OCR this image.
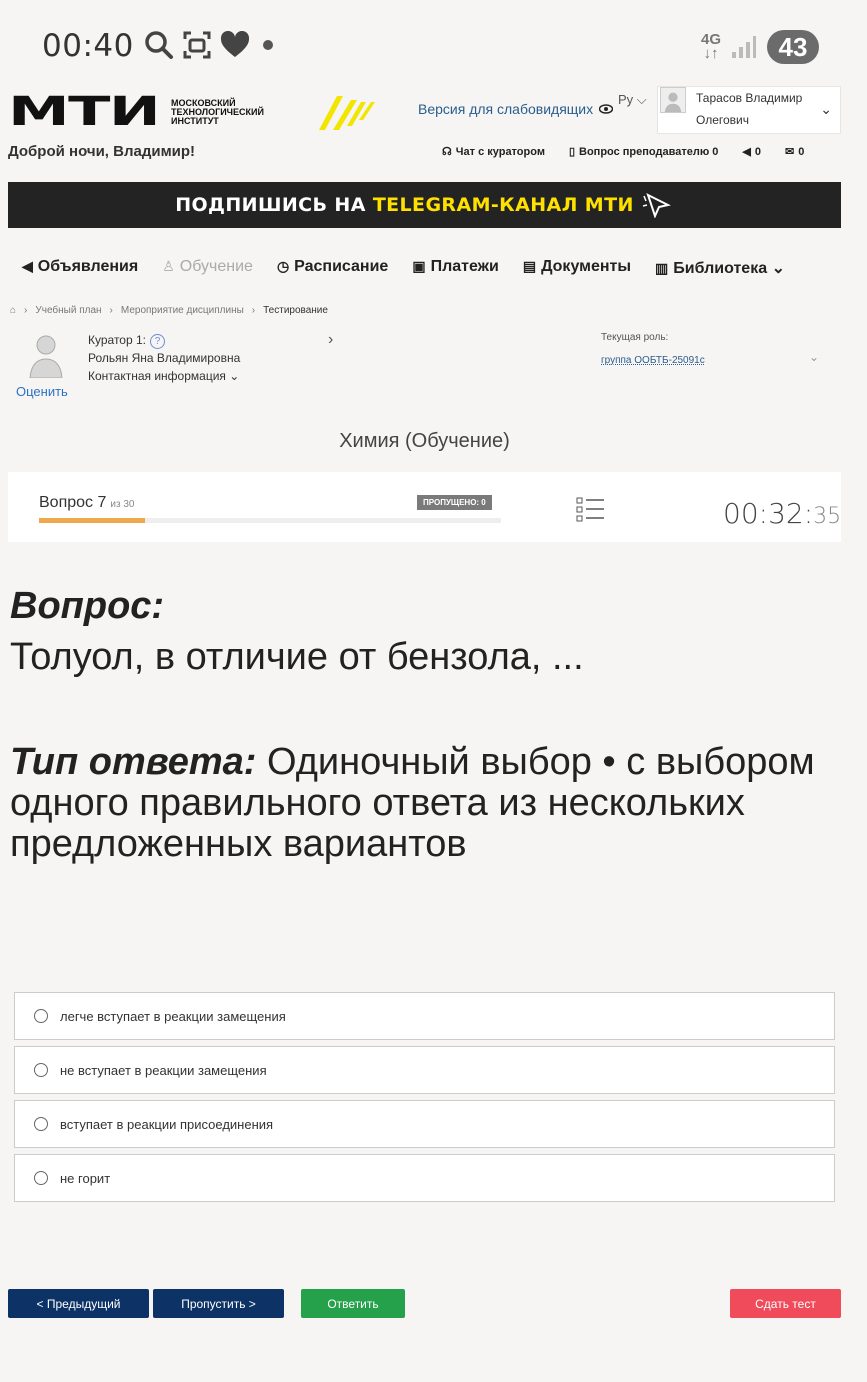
00:40	4G
↓↑	43
МТИ	МОСКОВСКИЙ ТЕХНОЛОГИЧЕСКИЙ ИНСТИТУТ
Версия для слабовидящих
Ру ⌵	Тарасов Владимир Олегович
⌄
Доброй ночи, Владимир!	☊ Чат с куратором ▯ Вопрос преподавателю 0 ◀ 0 ✉ 0
ПОДПИШИСЬ НА TELEGRAM-КАНАЛ МТИ
◀ Объявления ♙ Обучение ◷ Расписание ▣ Платежи ▤ Документы ▥ Библиотека ⌄
⌂ › Учебный план › Мероприятие дисциплины › Тестирование
Оценить
Куратор 1: ?
Рольян Яна Владимировна
Контактная информация ⌄
›	Текущая роль:
группа ООБТБ-25091с	⌄
Химия (Обучение)
Вопрос 7 из 30	ПРОПУЩЕНО: 0	00:32:35
Вопрос:
Толуол, в отличие от бензола, ...
Тип ответа: Одиночный выбор • с выбором одного правильного ответа из нескольких предложенных вариантов
легче вступает в реакции замещения
не вступает в реакции замещения
вступает в реакции присоединения
не горит
< Предыдущий	Пропустить >	Ответить	Сдать тест
